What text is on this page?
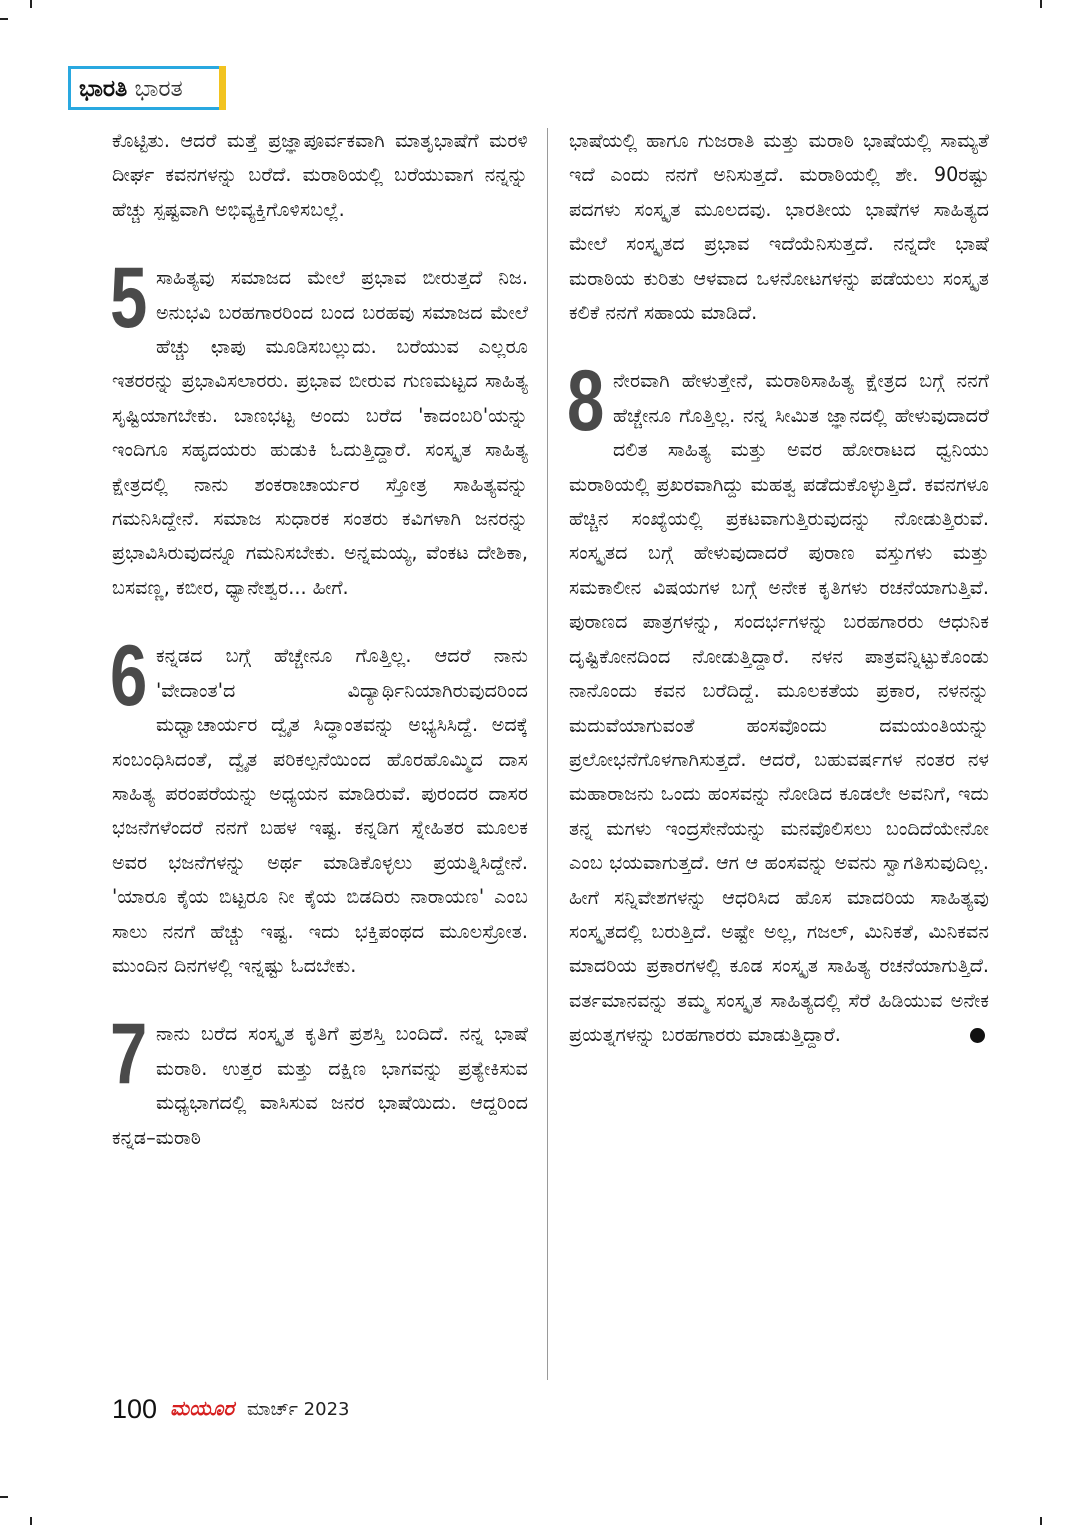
ಭಾರತಿ ಭಾರತ

ಕೊಟ್ಟಿತು. ಆದರೆ ಮತ್ತೆ ಪ್ರಜ್ಞಾಪೂರ್ವಕವಾಗಿ ಮಾತೃಭಾಷೆಗೆ ಮರಳಿ ದೀರ್ಘ ಕವನಗಳನ್ನು ಬರೆದೆ. ಮರಾಠಿಯಲ್ಲಿ ಬರೆಯುವಾಗ ನನ್ನನ್ನು ಹೆಚ್ಚು ಸ್ಪಷ್ಟವಾಗಿ ಅಭಿವ್ಯಕ್ತಿಗೊಳಿಸಬಲ್ಲೆ.

5 ಸಾಹಿತ್ಯವು ಸಮಾಜದ ಮೇಲೆ ಪ್ರಭಾವ ಬೀರುತ್ತದೆ ನಿಜ. ಅನುಭವಿ ಬರಹಗಾರರಿಂದ ಬಂದ ಬರಹವು ಸಮಾಜದ ಮೇಲೆ ಹೆಚ್ಚು ಛಾಪು ಮೂಡಿಸಬಲ್ಲುದು. ಬರೆಯುವ ಎಲ್ಲರೂ ಇತರರನ್ನು ಪ್ರಭಾವಿಸಲಾರರು. ಪ್ರಭಾವ ಬೀರುವ ಗುಣಮಟ್ಟದ ಸಾಹಿತ್ಯ ಸೃಷ್ಟಿಯಾಗಬೇಕು. ಬಾಣಭಟ್ಟ ಅಂದು ಬರೆದ 'ಕಾದಂಬರಿ'ಯನ್ನು ಇಂದಿಗೂ ಸಹೃದಯರು ಹುಡುಕಿ ಓದುತ್ತಿದ್ದಾರೆ. ಸಂಸ್ಕೃತ ಸಾಹಿತ್ಯ ಕ್ಷೇತ್ರದಲ್ಲಿ ನಾನು ಶಂಕರಾಚಾರ್ಯರ ಸ್ತೋತ್ರ ಸಾಹಿತ್ಯವನ್ನು ಗಮನಿಸಿದ್ದೇನೆ. ಸಮಾಜ ಸುಧಾರಕ ಸಂತರು ಕವಿಗಳಾಗಿ ಜನರನ್ನು ಪ್ರಭಾವಿಸಿರುವುದನ್ನೂ ಗಮನಿಸಬೇಕು. ಅನ್ನಮಯ್ಯ, ವೆಂಕಟ ದೇಶಿಕಾ, ಬಸವಣ್ಣ, ಕಬೀರ, ಧ್ಯಾನೇಶ್ವರ... ಹೀಗೆ.
6 ಕನ್ನಡದ ಬಗ್ಗೆ ಹೆಚ್ಚೇನೂ ಗೊತ್ತಿಲ್ಲ. ಆದರೆ ನಾನು 'ವೇದಾಂತ'ದ ವಿದ್ಯಾರ್ಥಿನಿಯಾಗಿರುವುದರಿಂದ ಮಧ್ವಾಚಾರ್ಯರ ದ್ವೈತ ಸಿದ್ಧಾಂತವನ್ನು ಅಭ್ಯಸಿಸಿದ್ದೆ. ಅದಕ್ಕೆ ಸಂಬಂಧಿಸಿದಂತೆ, ದ್ವೈತ ಪರಿಕಲ್ಪನೆಯಿಂದ ಹೊರಹೊಮ್ಮಿದ ದಾಸ ಸಾಹಿತ್ಯ ಪರಂಪರೆಯನ್ನು ಅಧ್ಯಯನ ಮಾಡಿರುವೆ. ಪುರಂದರ ದಾಸರ ಭಜನೆಗಳೆಂದರೆ ನನಗೆ ಬಹಳ ಇಷ್ಟ. ಕನ್ನಡಿಗ ಸ್ನೇಹಿತರ ಮೂಲಕ ಅವರ ಭಜನೆಗಳನ್ನು ಅರ್ಥ ಮಾಡಿಕೊಳ್ಳಲು ಪ್ರಯತ್ನಿಸಿದ್ದೇನೆ. 'ಯಾರೂ ಕೈಯ ಬಿಟ್ಟರೂ ನೀ ಕೈಯ ಬಿಡದಿರು ನಾರಾಯಣ' ಎಂಬ ಸಾಲು ನನಗೆ ಹೆಚ್ಚು ಇಷ್ಟ. ಇದು ಭಕ್ತಿಪಂಥದ ಮೂಲಸ್ರೋತ. ಮುಂದಿನ ದಿನಗಳಲ್ಲಿ ಇನ್ನಷ್ಟು ಓದಬೇಕು.
7 ನಾನು ಬರೆದ ಸಂಸ್ಕೃತ ಕೃತಿಗೆ ಪ್ರಶಸ್ತಿ ಬಂದಿದೆ. ನನ್ನ ಭಾಷೆ ಮರಾಠಿ. ಉತ್ತರ ಮತ್ತು ದಕ್ಷಿಣ ಭಾಗವನ್ನು ಪ್ರತ್ಯೇಕಿಸುವ ಮಧ್ಯಭಾಗದಲ್ಲಿ ವಾಸಿಸುವ ಜನರ ಭಾಷೆಯಿದು. ಆದ್ದರಿಂದ ಕನ್ನಡ–ಮರಾಠಿ

ಭಾಷೆಯಲ್ಲಿ ಹಾಗೂ ಗುಜರಾತಿ ಮತ್ತು ಮರಾಠಿ ಭಾಷೆಯಲ್ಲಿ ಸಾಮ್ಯತೆ ಇದೆ ಎಂದು ನನಗೆ ಅನಿಸುತ್ತದೆ. ಮರಾಠಿಯಲ್ಲಿ ಶೇ. 90ರಷ್ಟು ಪದಗಳು ಸಂಸ್ಕೃತ ಮೂಲದವು. ಭಾರತೀಯ ಭಾಷೆಗಳ ಸಾಹಿತ್ಯದ ಮೇಲೆ ಸಂಸ್ಕೃತದ ಪ್ರಭಾವ ಇದೆಯೆನಿಸುತ್ತದೆ. ನನ್ನದೇ ಭಾಷೆ ಮರಾಠಿಯ ಕುರಿತು ಆಳವಾದ ಒಳನೋಟಗಳನ್ನು ಪಡೆಯಲು ಸಂಸ್ಕೃತ ಕಲಿಕೆ ನನಗೆ ಸಹಾಯ ಮಾಡಿದೆ.

8 ನೇರವಾಗಿ ಹೇಳುತ್ತೇನೆ, ಮರಾಠಿಸಾಹಿತ್ಯ ಕ್ಷೇತ್ರದ ಬಗ್ಗೆ ನನಗೆ ಹೆಚ್ಚೇನೂ ಗೊತ್ತಿಲ್ಲ. ನನ್ನ ಸೀಮಿತ ಜ್ಞಾನದಲ್ಲಿ ಹೇಳುವುದಾದರೆ ದಲಿತ ಸಾಹಿತ್ಯ ಮತ್ತು ಅವರ ಹೋರಾಟದ ಧ್ವನಿಯು ಮರಾಠಿಯಲ್ಲಿ ಪ್ರಖರವಾಗಿದ್ದು ಮಹತ್ವ ಪಡೆದುಕೊಳ್ಳುತ್ತಿದೆ. ಕವನಗಳೂ ಹೆಚ್ಚಿನ ಸಂಖ್ಯೆಯಲ್ಲಿ ಪ್ರಕಟವಾಗುತ್ತಿರುವುದನ್ನು ನೋಡುತ್ತಿರುವೆ. ಸಂಸ್ಕೃತದ ಬಗ್ಗೆ ಹೇಳುವುದಾದರೆ ಪುರಾಣ ವಸ್ತುಗಳು ಮತ್ತು ಸಮಕಾಲೀನ ವಿಷಯಗಳ ಬಗ್ಗೆ ಅನೇಕ ಕೃತಿಗಳು ರಚನೆಯಾಗುತ್ತಿವೆ. ಪುರಾಣದ ಪಾತ್ರಗಳನ್ನು, ಸಂದರ್ಭಗಳನ್ನು ಬರಹಗಾರರು ಆಧುನಿಕ ದೃಷ್ಟಿಕೋನದಿಂದ ನೋಡುತ್ತಿದ್ದಾರೆ. ನಳನ ಪಾತ್ರವನ್ನಿಟ್ಟುಕೊಂಡು ನಾನೊಂದು ಕವನ ಬರೆದಿದ್ದೆ. ಮೂಲಕತೆಯ ಪ್ರಕಾರ, ನಳನನ್ನು ಮದುವೆಯಾಗುವಂತೆ ಹಂಸವೊಂದು ದಮಯಂತಿಯನ್ನು ಪ್ರಲೋಭನೆಗೊಳಗಾಗಿಸುತ್ತದೆ. ಆದರೆ, ಬಹುವರ್ಷಗಳ ನಂತರ ನಳ ಮಹಾರಾಜನು ಒಂದು ಹಂಸವನ್ನು ನೋಡಿದ ಕೂಡಲೇ ಅವನಿಗೆ, ಇದು ತನ್ನ ಮಗಳು ಇಂದ್ರಸೇನೆಯನ್ನು ಮನವೊಲಿಸಲು ಬಂದಿದೆಯೇನೋ ಎಂಬ ಭಯವಾಗುತ್ತದೆ. ಆಗ ಆ ಹಂಸವನ್ನು ಅವನು ಸ್ವಾಗತಿಸುವುದಿಲ್ಲ. ಹೀಗೆ ಸನ್ನಿವೇಶಗಳನ್ನು ಆಧರಿಸಿದ ಹೊಸ ಮಾದರಿಯ ಸಾಹಿತ್ಯವು ಸಂಸ್ಕೃತದಲ್ಲಿ ಬರುತ್ತಿದೆ. ಅಷ್ಟೇ ಅಲ್ಲ, ಗಜಲ್, ಮಿನಿಕತೆ, ಮಿನಿಕವನ ಮಾದರಿಯ ಪ್ರಕಾರಗಳಲ್ಲಿ ಕೂಡ ಸಂಸ್ಕೃತ ಸಾಹಿತ್ಯ ರಚನೆಯಾಗುತ್ತಿದೆ. ವರ್ತಮಾನವನ್ನು ತಮ್ಮ ಸಂಸ್ಕೃತ ಸಾಹಿತ್ಯದಲ್ಲಿ ಸೆರೆ ಹಿಡಿಯುವ ಅನೇಕ ಪ್ರಯತ್ನಗಳನ್ನು ಬರಹಗಾರರು ಮಾಡುತ್ತಿದ್ದಾರೆ.
100 ಮಯೂರ ಮಾರ್ಚ್ 2023
